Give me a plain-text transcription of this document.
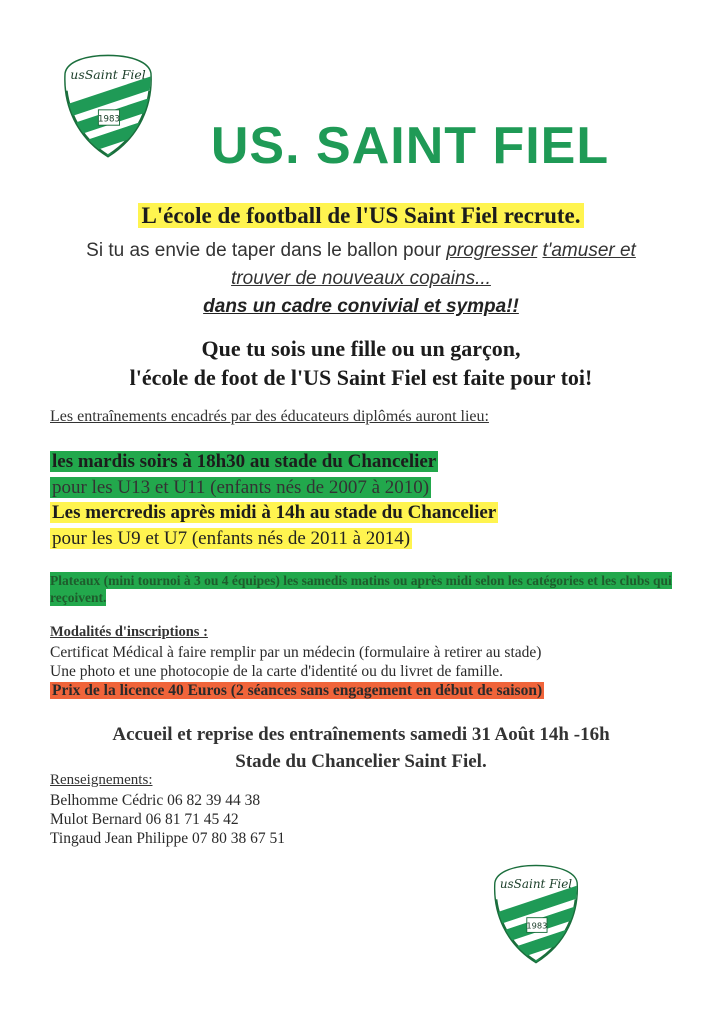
usSaint Fiel
1983	US. SAINT FIEL
L'école de football de l'US Saint Fiel recrute.
Si tu as envie de taper dans le ballon pour progresser t'amuser et
trouver de nouveaux copains...
dans un cadre convivial et sympa!!
Que tu sois une fille ou un garçon,
l'école de foot de l'US Saint Fiel est faite pour toi!
Les entraînements encadrés par des éducateurs diplômés auront lieu:
les mardis soirs à 18h30 au stade du Chancelier
pour les U13 et U11 (enfants nés de 2007 à 2010)
Les mercredis après midi à 14h au stade du Chancelier
pour les U9 et U7 (enfants nés de 2011 à 2014)
Plateaux (mini tournoi à 3 ou 4 équipes) les samedis matins ou après midi selon les catégories et les clubs qui reçoivent.
Modalités d'inscriptions :
Certificat Médical à faire remplir par un médecin (formulaire à retirer au stade)
Une photo et une photocopie de la carte d'identité ou du livret de famille.
Prix de la licence 40 Euros (2 séances sans engagement en début de saison)
Accueil et reprise des entraînements samedi 31 Août 14h -16h
Stade du Chancelier Saint Fiel.
Renseignements:
Belhomme Cédric 06 82 39 44 38
Mulot Bernard 06 81 71 45 42
Tingaud Jean Philippe 07 80 38 67 51
usSaint Fiel
1983
